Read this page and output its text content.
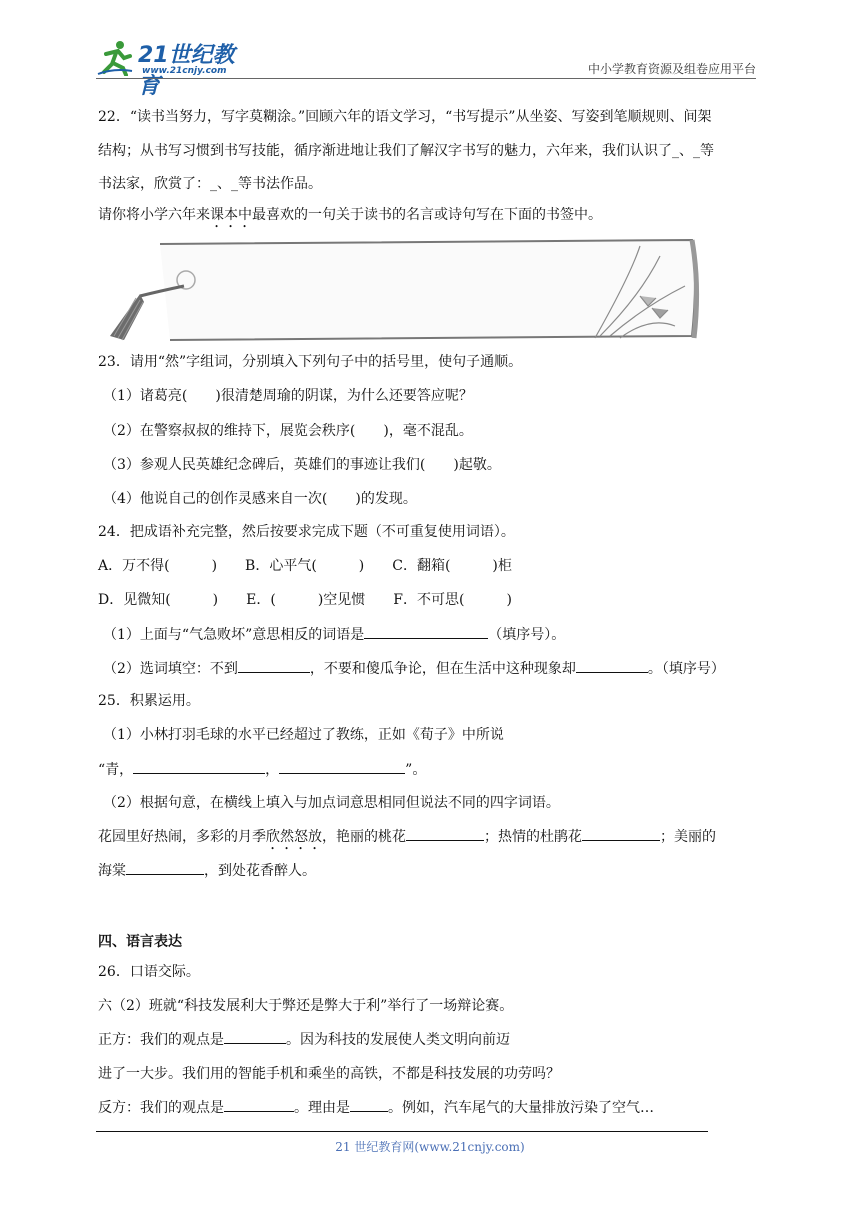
21世纪教育
www.21cnjy.com	中小学教育资源及组卷应用平台
22．“读书当努力，写字莫糊涂。”回顾六年的语文学习，“书写提示”从坐姿、写姿到笔顺规则、间架
结构；从书写习惯到书写技能，循序渐进地让我们了解汉字书写的魅力，六年来，我们认识了_、_等
书法家，欣赏了：_、_等书法作品。
请你将小学六年来课本中最喜欢的一句关于读书的名言或诗句写在下面的书签中。
23．请用“然”字组词，分别填入下列句子中的括号里，使句子通顺。
（1）诸葛亮(　　)很清楚周瑜的阴谋，为什么还要答应呢？
（2）在警察叔叔的维持下，展览会秩序(　　)，毫不混乱。
（3）参观人民英雄纪念碑后，英雄们的事迹让我们(　　)起敬。
（4）他说自己的创作灵感来自一次(　　)的发现。
24．把成语补充完整，然后按要求完成下题（不可重复使用词语）。
A．万不得(　　　)　　B．心平气(　　　)　　C．翻箱(　　　)柜
D．见微知(　　　)　　E．(　　　)空见惯　　F．不可思(　　　)
（1）上面与“气急败坏”意思相反的词语是	（填序号）。
（2）选词填空：不到	，不要和傻瓜争论，但在生活中这种现象却	。（填序号）
25．积累运用。
（1）小林打羽毛球的水平已经超过了教练，正如《荀子》中所说
“青，	，	”。
（2）根据句意，在横线上填入与加点词意思相同但说法不同的四字词语。
花园里好热闹，多彩的月季欣然怒放，艳丽的桃花	；热情的杜鹃花	；美丽的
海棠	，到处花香醉人。
四、语言表达
26．口语交际。
六（2）班就“科技发展利大于弊还是弊大于利”举行了一场辩论赛。
正方：我们的观点是	。因为科技的发展使人类文明向前迈
进了一大步。我们用的智能手机和乘坐的高铁，不都是科技发展的功劳吗？
反方：我们的观点是	。理由是	。例如，汽车尾气的大量排放污染了空气…
21 世纪教育网(www.21cnjy.com)
